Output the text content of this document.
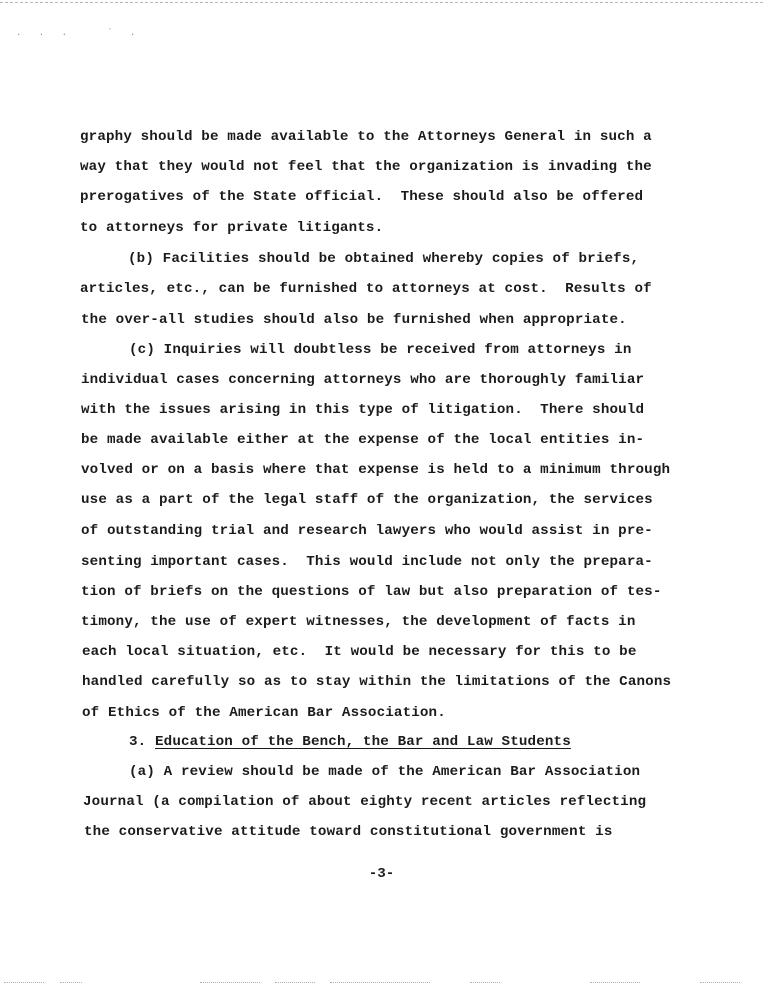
. . .   ` .

graphy should be made available to the Attorneys General in such a

way that they would not feel that the organization is invading the

prerogatives of the State official.  These should also be offered

to attorneys for private litigants.

(b) Facilities should be obtained whereby copies of briefs,

articles, etc., can be furnished to attorneys at cost.  Results of

the over-all studies should also be furnished when appropriate.

(c) Inquiries will doubtless be received from attorneys in

individual cases concerning attorneys who are thoroughly familiar

with the issues arising in this type of litigation.  There should

be made available either at the expense of the local entities in-

volved or on a basis where that expense is held to a minimum through

use as a part of the legal staff of the organization, the services

of outstanding trial and research lawyers who would assist in pre-

senting important cases.  This would include not only the prepara-

tion of briefs on the questions of law but also preparation of tes-

timony, the use of expert witnesses, the development of facts in

each local situation, etc.  It would be necessary for this to be

handled carefully so as to stay within the limitations of the Canons

of Ethics of the American Bar Association.

3. Education of the Bench, the Bar and Law Students

(a) A review should be made of the American Bar Association

Journal (a compilation of about eighty recent articles reflecting

the conservative attitude toward constitutional government is

-3-
